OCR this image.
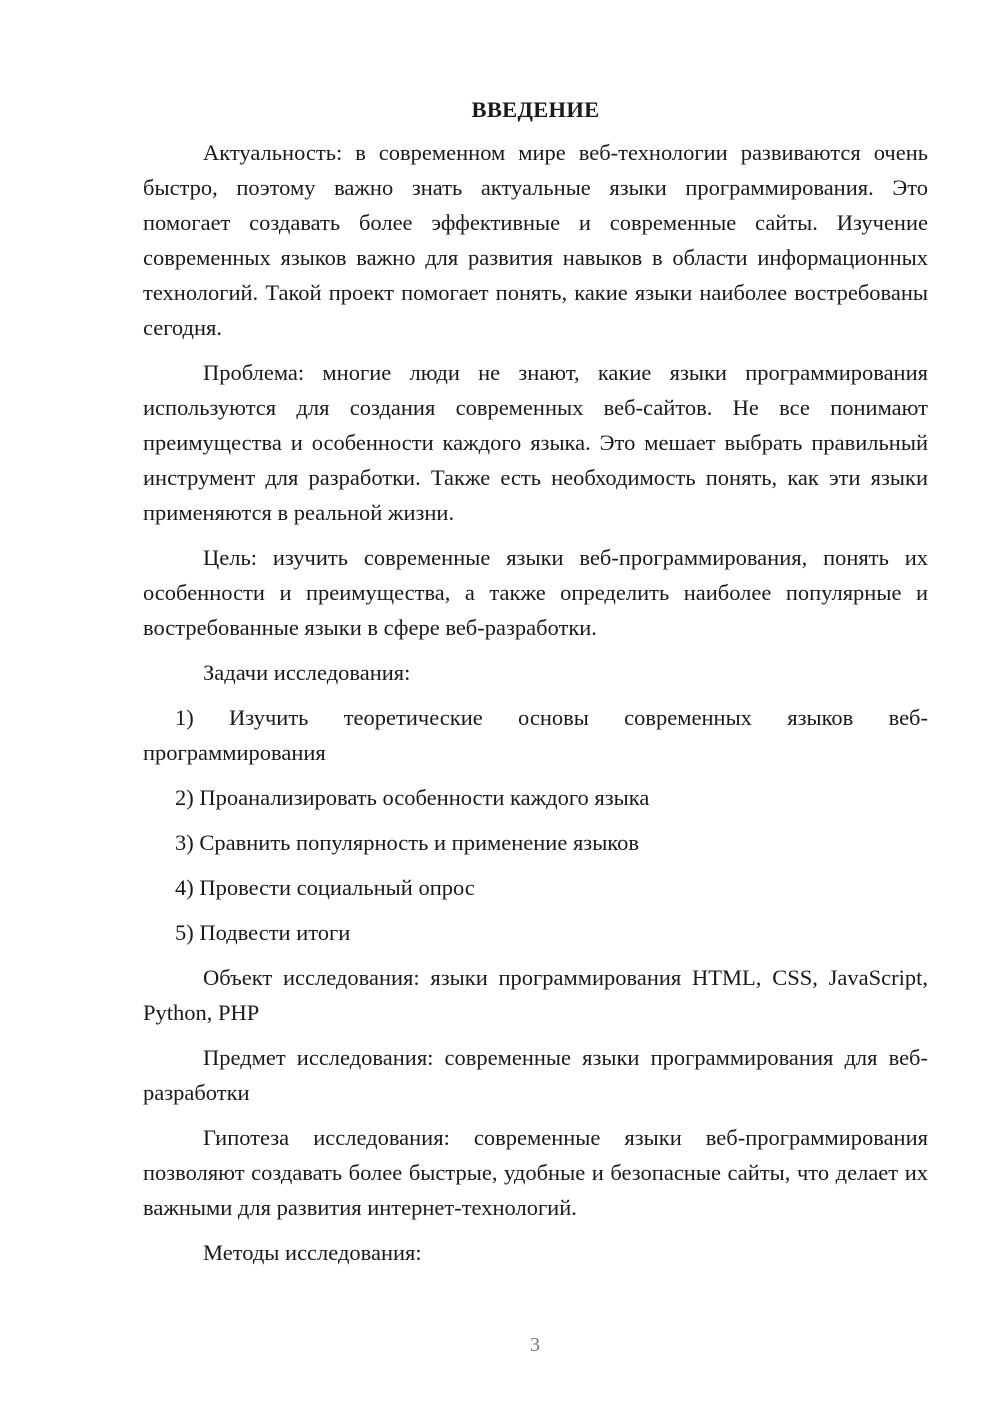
ВВЕДЕНИЕ

Актуальность: в современном мире веб-технологии развиваются очень быстро, поэтому важно знать актуальные языки программирования. Это помогает создавать более эффективные и современные сайты. Изучение современных языков важно для развития навыков в области информационных технологий. Такой проект помогает понять, какие языки наиболее востребованы сегодня.

Проблема: многие люди не знают, какие языки программирования используются для создания современных веб-сайтов. Не все понимают преимущества и особенности каждого языка. Это мешает выбрать правильный инструмент для разработки. Также есть необходимость понять, как эти языки применяются в реальной жизни.

Цель: изучить современные языки веб-программирования, понять их особенности и преимущества, а также определить наиболее популярные и востребованные языки в сфере веб-разработки.

Задачи исследования:

1) Изучить теоретические основы современных языков веб-программирования
2) Проанализировать особенности каждого языка
3) Сравнить популярность и применение языков
4) Провести социальный опрос
5) Подвести итоги

Объект исследования: языки программирования HTML, CSS, JavaScript, Python, PHP

Предмет исследования: современные языки программирования для веб-разработки

Гипотеза исследования: современные языки веб-программирования позволяют создавать более быстрые, удобные и безопасные сайты, что делает их важными для развития интернет-технологий.

Методы исследования:

3
